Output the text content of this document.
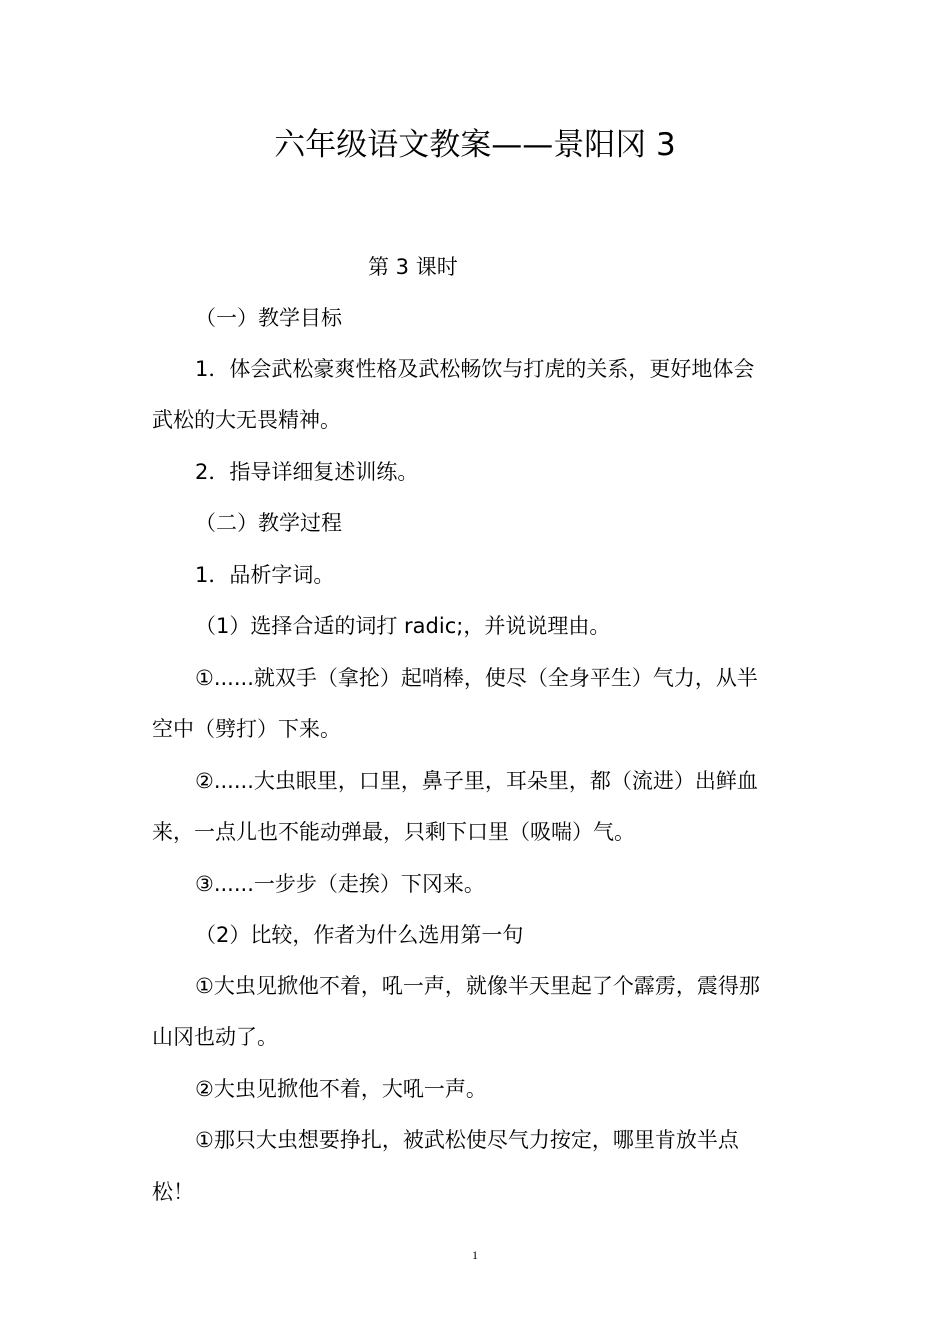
六年级语文教案——景阳冈 3
第 3 课时
（一）教学目标
1．体会武松豪爽性格及武松畅饮与打虎的关系，更好地体会
武松的大无畏精神。
2．指导详细复述训练。
（二）教学过程
1．品析字词。
（1）选择合适的词打 radic;，并说说理由。
①......就双手（拿抡）起哨棒，使尽（全身平生）气力，从半
空中（劈打）下来。
②......大虫眼里，口里，鼻子里，耳朵里，都（流进）出鲜血
来，一点儿也不能动弹最，只剩下口里（吸喘）气。
③......一步步（走挨）下冈来。
（2）比较，作者为什么选用第一句
①大虫见掀他不着，吼一声，就像半天里起了个霹雳，震得那
山冈也动了。
②大虫见掀他不着，大吼一声。
①那只大虫想要挣扎，被武松使尽气力按定，哪里肯放半点
松！
1
